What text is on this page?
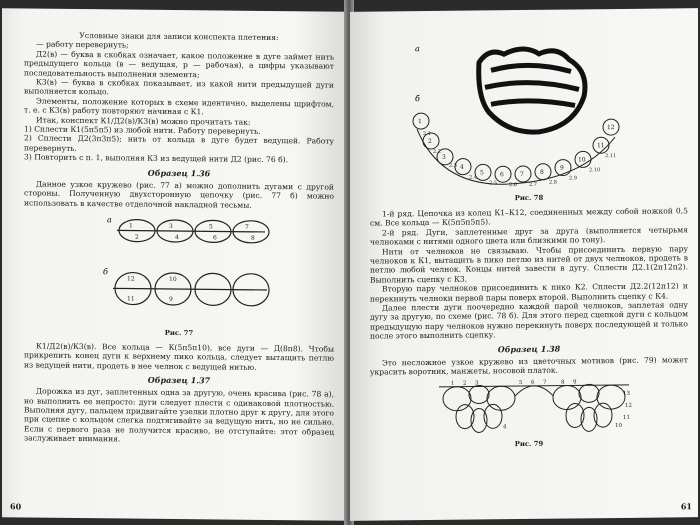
Условные знаки для записи конспекта плетения:

— работу перевернуть;

Д2(в) — буква в скобках означает, какое положение в дуге займет нить предыдущего кольца (в — ведущая, р — рабочая), а цифры указывают последовательность выполнения элемента;

К3(в) — буква в скобках показывает, из какой нити предыдущей дуги выполняется кольцо.

Элементы, положение которых в схеме идентично, выделены шрифтом, т. е. с К3(в) работу повторяют начиная с К1.

Итак, конспект К1/Д2(в)/К3(в) можно прочитать так:

1) Сплести К1(5п5п5) из любой нити. Работу перевернуть.

2) Сплести Д2(3п3п5); нить от кольца в дуге будет ведущей. Работу перевернуть.

3) Повторить с п. 1, выполняя К3 из ведущей нити Д2 (рис. 76 б).

Образец 1.36

Данное узкое кружево (рис. 77 а) можно дополнить дугами с другой стороны. Полученную двухсторонную цепочку (рис. 77 б) можно использовать в качестве отделочной накладной тесьмы.

а
1
2
3
4
5
6
7
8
б
12
11
10
9
Рис. 77

К1/Д2(в)/К3(в). Все кольца — К(5п5п10), все дуги — Д(8п8). Чтобы прикрепить конец дуги к верхнему пико кольца, следует вытащить петлю из ведущей нити, продеть в нее челнок с ведущей нитью.

Образец 1.37

Дорожка из дуг, заплетенных одна за другую, очень красива (рис. 78 а), но выполнить ее непросто: дуги следует плести с одинаковой плотностью. Выполняя дугу, пальцем придвигайте узелки плотно друг к другу, для этого при сцепке с кольцом слегка подтягивайте за ведущую нить, но не сильно. Если с первого раза не получится красиво, не отступайте: этот образец заслуживает внимания.

60
а
б
1
2
3
4
5	6	7	8
9
10
11
12
2.1
2.2
2.3
2.4
2.5 2.6 2.7 2.8
2.9
2.10
2.11
Рис. 78

1-й ряд. Цепочка из колец К1–К12, соединенных между собой ножкой 0,5 см. Все кольца — К(5п5п5п5).

2-й ряд. Дуги, заплетенные друг за друга (выполняется четырьмя челноками с нитями одного цвета или близкими по тону).

Нити от челноков не связываю. Чтобы присоединить первую пару челноков к К1, вытащить в пико петлю из нитей от двух челноков, продеть в петлю любой челнок. Концы нитей завести в дугу. Сплести Д2.1(2п12п2). Выполнить сцепку с К3.

Вторую пару челноков присоединить к пико К2. Сплести Д2.2(12п12) и перекинуть челноки первой пары поверх второй. Выполнить сцепку с К4.

Далее плести дуги поочередно каждой парой челноков, заплетая одну дугу за другую, по схеме (рис. 78 б). Для этого перед сцепкой дуги с кольцом предыдущую пару челноков нужно перекинуть поверх последующей и только после этого выполнить сцепку.

Образец 1.38

Это несложное узкое кружево из цветочных мотивов (рис. 79) может украсить воротник, манжеты, носовой платок.

1 2 3
4
5 6 7	8 9
10
11
12
13
Рис. 79
61
